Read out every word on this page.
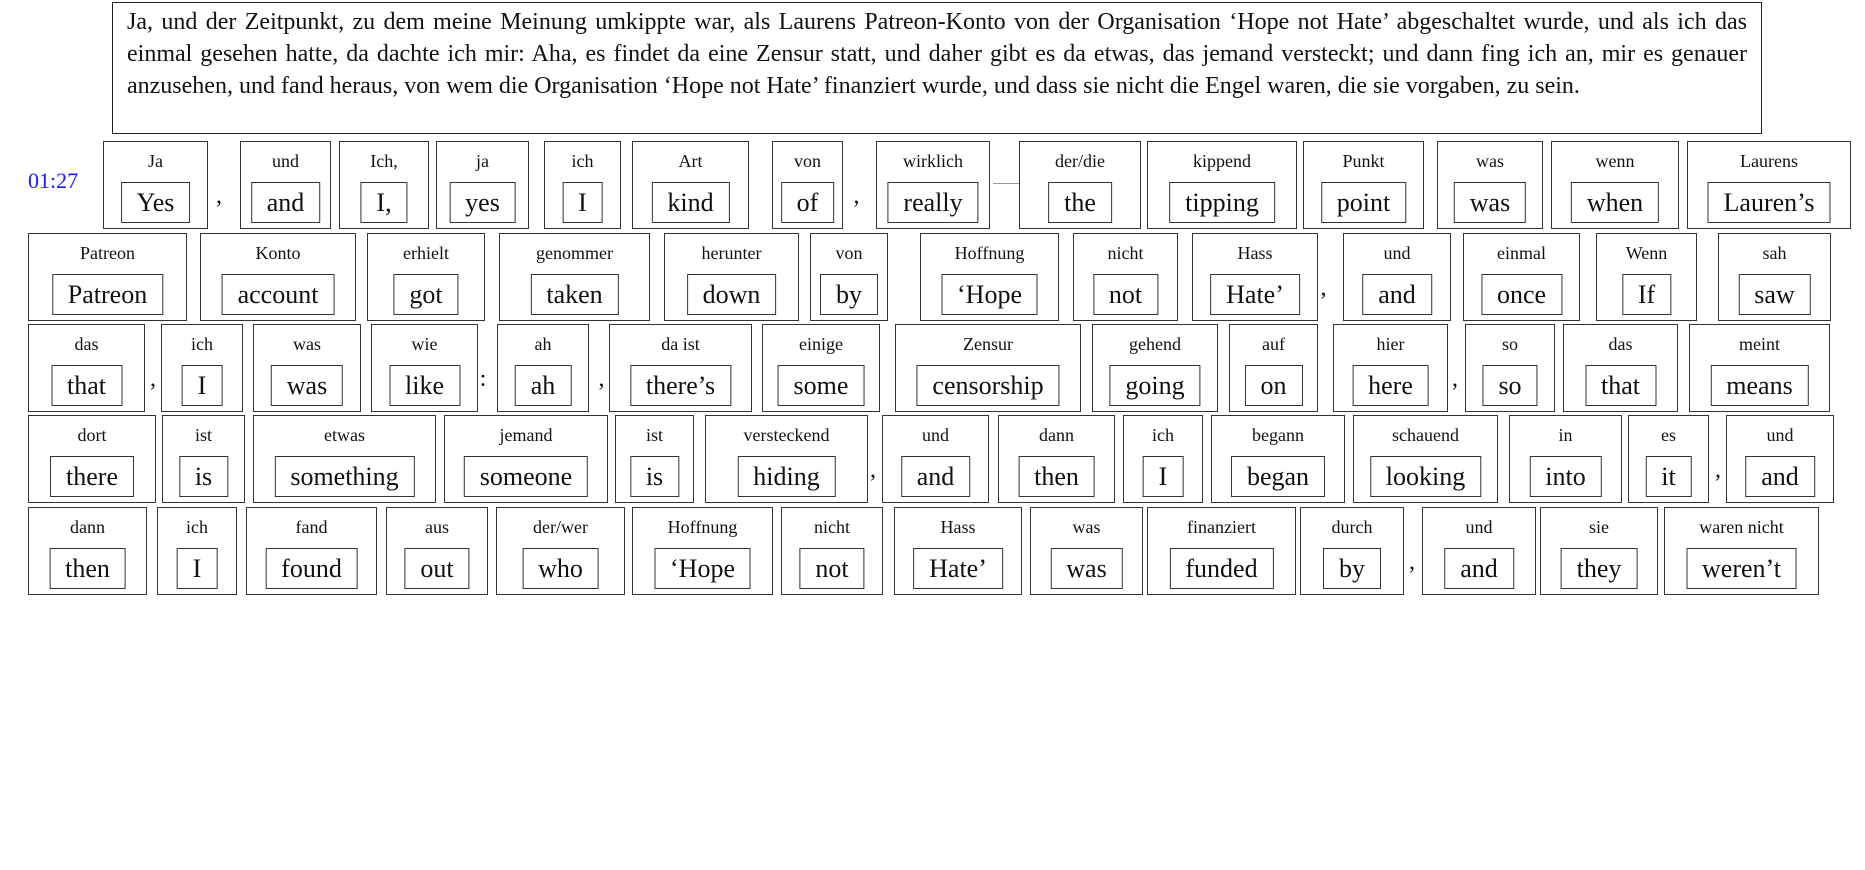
Ja, und der Zeitpunkt, zu dem meine Meinung umkippte war, als Laurens Patreon-Konto von der Organisation ‘Hope not Hate’ abgeschaltet wurde, und als ich das einmal gesehen hatte, da dachte ich mir: Aha, es findet da eine Zensur statt, und daher gibt es da etwas, das jemand versteckt; und dann fing ich an, mir es genauer anzusehen, und fand heraus, von wem die Organisation ‘Hope not Hate’ finanziert wurde, und dass sie nicht die Engel waren, die sie vorgaben, zu sein.
01:27
Ja
Yes	,
und
and
Ich,
I,
ja
yes
ich
I
Art
kind
von
of	,
wirklich
really
der/die
the
kippend
tipping
Punkt
point
was
was
wenn
when
Laurens
Lauren’s
Patreon
Patreon
Konto
account
erhielt
got
genommer
taken
herunter
down
von
by
Hoffnung
‘Hope
nicht
not
Hass
Hate’	,
und
and
einmal
once
Wenn
If
sah
saw
das
that	,
ich
I
was
was
wie
like	:
ah
ah	,
da ist
there’s
einige
some
Zensur
censorship
gehend
going
auf
on
hier
here	,
so
so
das
that
meint
means
dort
there
ist
is
etwas
something
jemand
someone
ist
is
versteckend
hiding	,
und
and
dann
then
ich
I
begann
began
schauend
looking
in
into
es
it	,
und
and
dann
then
ich
I
fand
found
aus
out
der/wer
who
Hoffnung
‘Hope
nicht
not
Hass
Hate’
was
was
finanziert
funded
durch
by	,
und
and
sie
they
waren nicht
weren’t
